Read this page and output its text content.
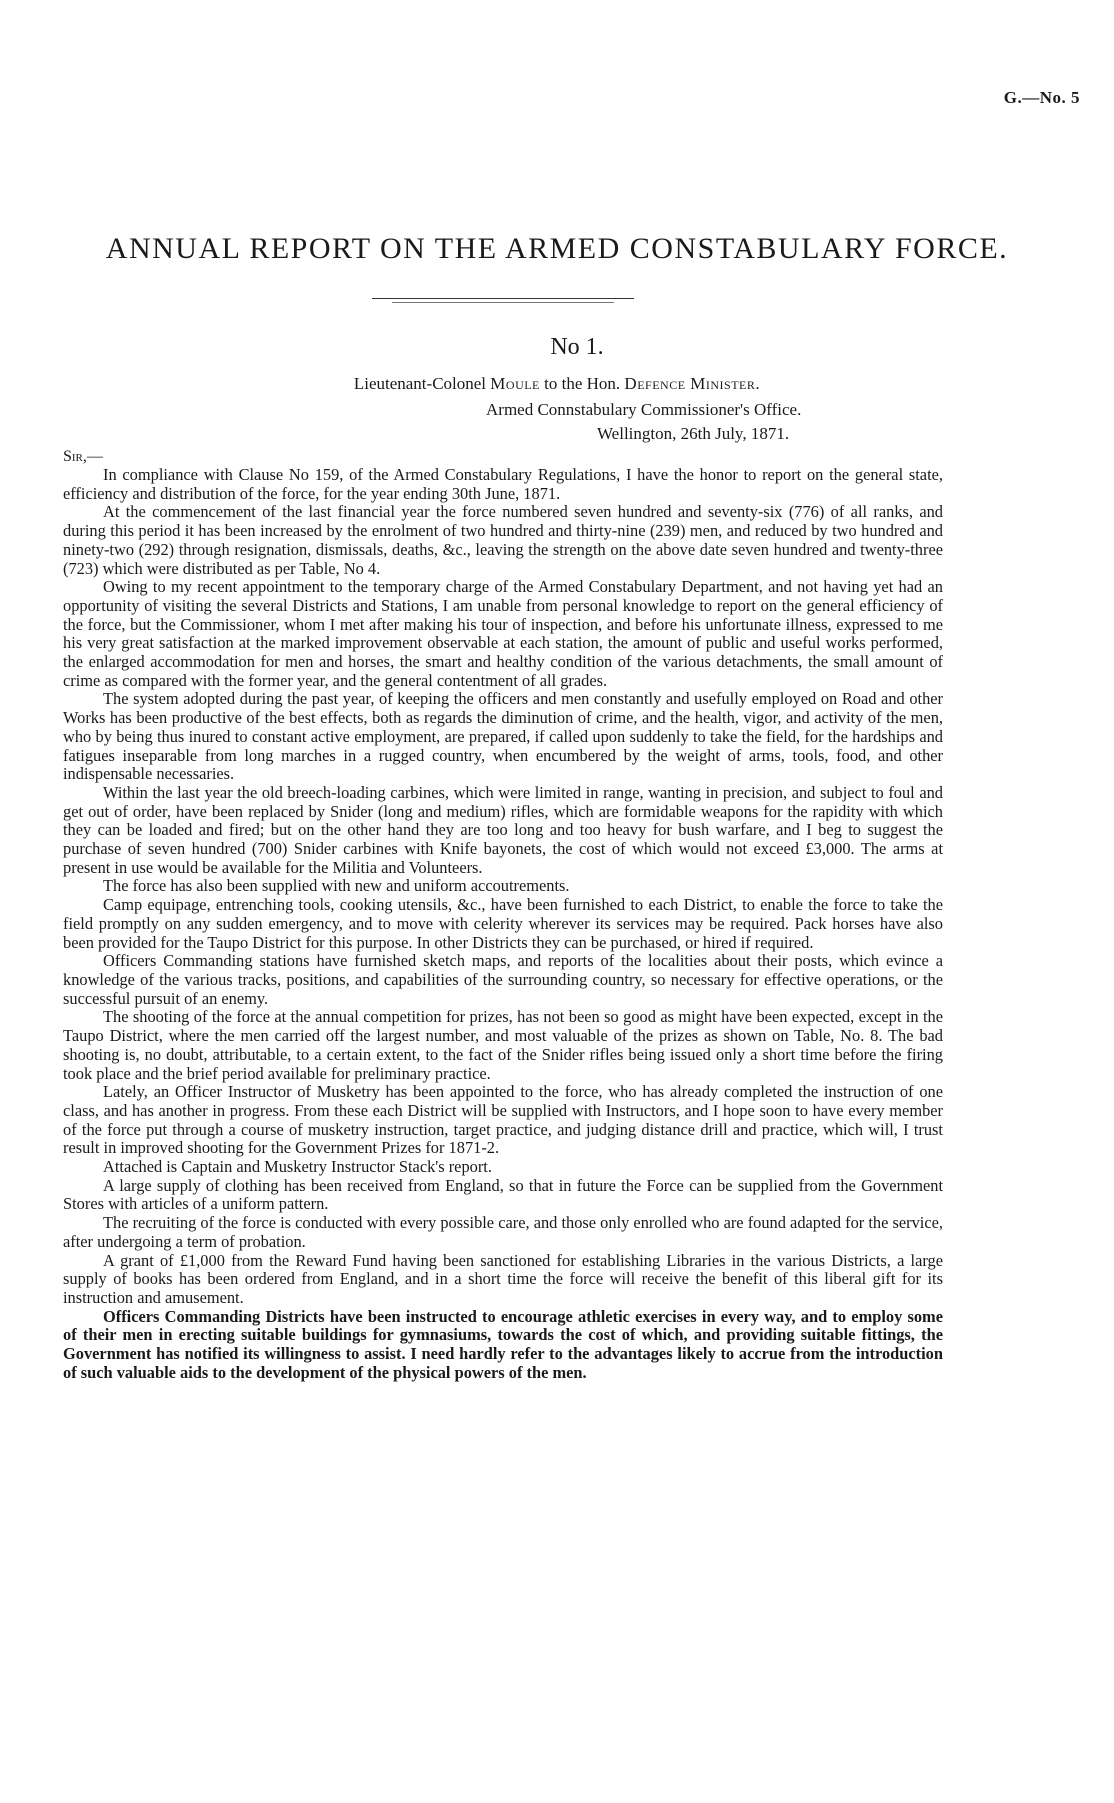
G.—No. 5
ANNUAL REPORT ON THE ARMED CONSTABULARY FORCE.
No 1.
Lieutenant-Colonel Moule to the Hon. Defence Minister.
Armed Connstabulary Commissioner's Office.
Wellington, 26th July, 1871.
Sir,—

In compliance with Clause No 159, of the Armed Constabulary Regulations, I have the honor to report on the general state, efficiency and distribution of the force, for the year ending 30th June, 1871.

At the commencement of the last financial year the force numbered seven hundred and seventy-six (776) of all ranks, and during this period it has been increased by the enrolment of two hundred and thirty-nine (239) men, and reduced by two hundred and ninety-two (292) through resignation, dismissals, deaths, &c., leaving the strength on the above date seven hundred and twenty-three (723) which were distributed as per Table, No 4.

Owing to my recent appointment to the temporary charge of the Armed Constabulary Department, and not having yet had an opportunity of visiting the several Districts and Stations, I am unable from personal knowledge to report on the general efficiency of the force, but the Commissioner, whom I met after making his tour of inspection, and before his unfortunate illness, expressed to me his very great satisfaction at the marked improvement observable at each station, the amount of public and useful works performed, the enlarged accommodation for men and horses, the smart and healthy condition of the various detachments, the small amount of crime as compared with the former year, and the general contentment of all grades.

The system adopted during the past year, of keeping the officers and men constantly and usefully employed on Road and other Works has been productive of the best effects, both as regards the diminution of crime, and the health, vigor, and activity of the men, who by being thus inured to constant active employment, are prepared, if called upon suddenly to take the field, for the hardships and fatigues inseparable from long marches in a rugged country, when encumbered by the weight of arms, tools, food, and other indispensable necessaries.

Within the last year the old breech-loading carbines, which were limited in range, wanting in precision, and subject to foul and get out of order, have been replaced by Snider (long and medium) rifles, which are formidable weapons for the rapidity with which they can be loaded and fired; but on the other hand they are too long and too heavy for bush warfare, and I beg to suggest the purchase of seven hundred (700) Snider carbines with Knife bayonets, the cost of which would not exceed £3,000. The arms at present in use would be available for the Militia and Volunteers.

The force has also been supplied with new and uniform accoutrements.

Camp equipage, entrenching tools, cooking utensils, &c., have been furnished to each District, to enable the force to take the field promptly on any sudden emergency, and to move with celerity wherever its services may be required. Pack horses have also been provided for the Taupo District for this purpose. In other Districts they can be purchased, or hired if required.

Officers Commanding stations have furnished sketch maps, and reports of the localities about their posts, which evince a knowledge of the various tracks, positions, and capabilities of the surrounding country, so necessary for effective operations, or the successful pursuit of an enemy.

The shooting of the force at the annual competition for prizes, has not been so good as might have been expected, except in the Taupo District, where the men carried off the largest number, and most valuable of the prizes as shown on Table, No. 8. The bad shooting is, no doubt, attributable, to a certain extent, to the fact of the Snider rifles being issued only a short time before the firing took place and the brief period available for preliminary practice.

Lately, an Officer Instructor of Musketry has been appointed to the force, who has already completed the instruction of one class, and has another in progress. From these each District will be supplied with Instructors, and I hope soon to have every member of the force put through a course of musketry instruction, target practice, and judging distance drill and practice, which will, I trust result in improved shooting for the Government Prizes for 1871-2.

Attached is Captain and Musketry Instructor Stack's report.

A large supply of clothing has been received from England, so that in future the Force can be supplied from the Government Stores with articles of a uniform pattern.

The recruiting of the force is conducted with every possible care, and those only enrolled who are found adapted for the service, after undergoing a term of probation.

A grant of £1,000 from the Reward Fund having been sanctioned for establishing Libraries in the various Districts, a large supply of books has been ordered from England, and in a short time the force will receive the benefit of this liberal gift for its instruction and amusement.

Officers Commanding Districts have been instructed to encourage athletic exercises in every way, and to employ some of their men in erecting suitable buildings for gymnasiums, towards the cost of which, and providing suitable fittings, the Government has notified its willingness to assist. I need hardly refer to the advantages likely to accrue from the introduction of such valuable aids to the development of the physical powers of the men.
